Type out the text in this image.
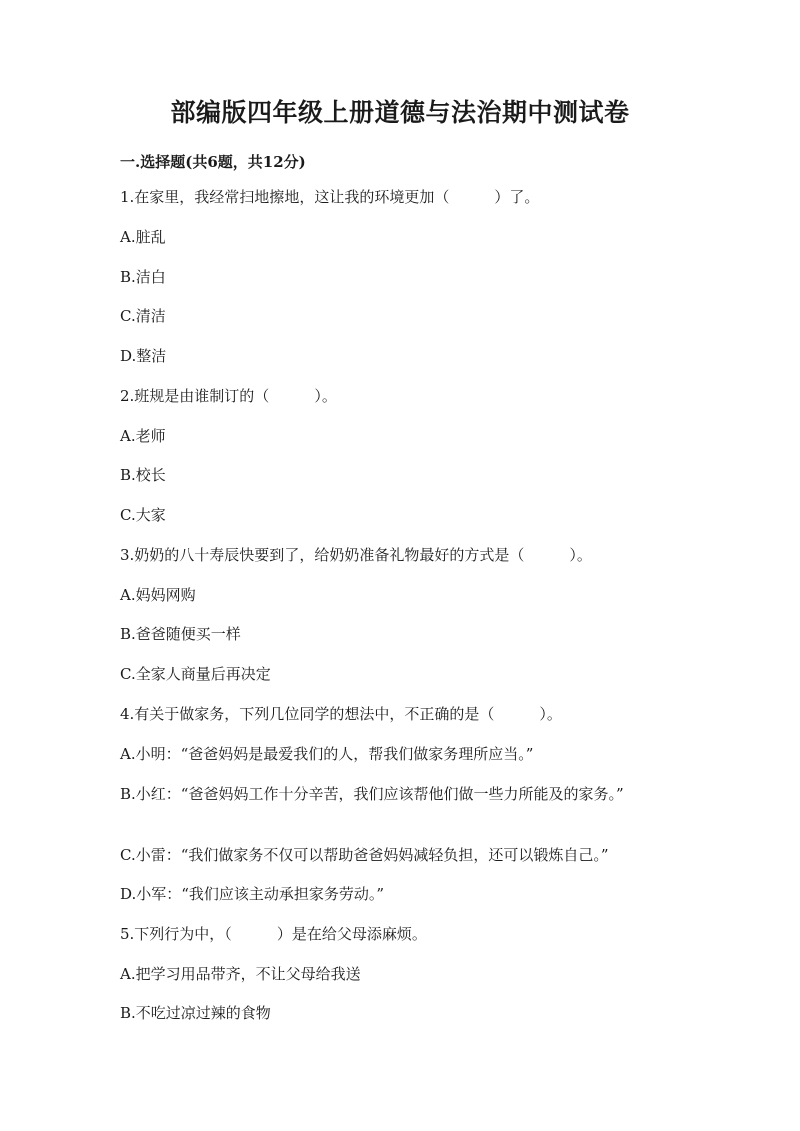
部编版四年级上册道德与法治期中测试卷
一.选择题(共6题，共12分)
1.在家里，我经常扫地擦地，这让我的环境更加（　　　）了。
A.脏乱
B.洁白
C.清洁
D.整洁
2.班规是由谁制订的（　　　）。
A.老师
B.校长
C.大家
3.奶奶的八十寿辰快要到了，给奶奶准备礼物最好的方式是（　　　）。
A.妈妈网购
B.爸爸随便买一样
C.全家人商量后再决定
4.有关于做家务，下列几位同学的想法中，不正确的是（　　　）。
A.小明：“爸爸妈妈是最爱我们的人，帮我们做家务理所应当。”
B.小红：“爸爸妈妈工作十分辛苦，我们应该帮他们做一些力所能及的家务。”
C.小雷：“我们做家务不仅可以帮助爸爸妈妈减轻负担，还可以锻炼自己。”
D.小军：“我们应该主动承担家务劳动。”
5.下列行为中，（　　　）是在给父母添麻烦。
A.把学习用品带齐，不让父母给我送
B.不吃过凉过辣的食物
